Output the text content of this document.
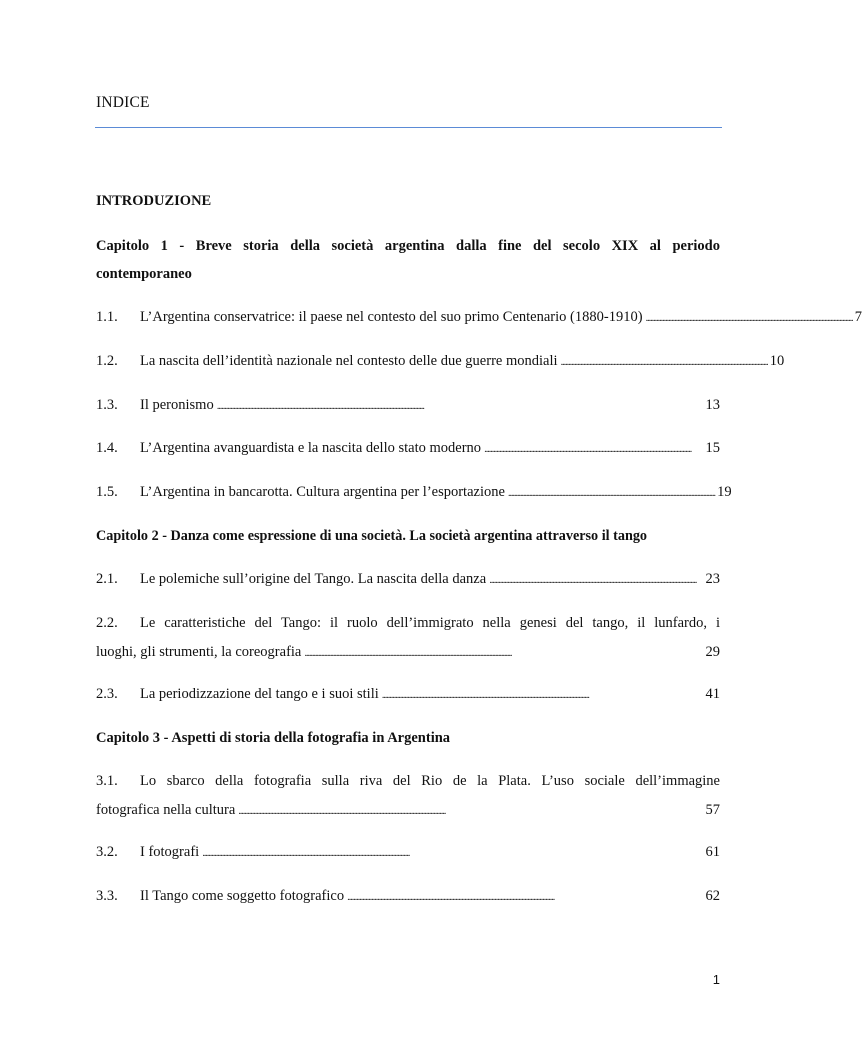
INDICE
INTRODUZIONE
Capitolo 1 - Breve storia della società argentina dalla fine del secolo XIX al periodo
contemporaneo
1.1.	L’Argentina conservatrice: il paese nel contesto del suo primo Centenario (1880-1910) . . .	7
1.2.	La nascita dell’identità nazionale nel contesto delle due guerre mondiali . . .	10
1.3.	Il peronismo . . .	13
1.4.	L’Argentina avanguardista e la nascita dello stato moderno . . .	15
1.5.	L’Argentina in bancarotta. Cultura argentina per l’esportazione . . .	19
Capitolo 2 - Danza come espressione di una società. La società argentina attraverso il tango
2.1.	Le polemiche sull’origine del Tango. La nascita della danza . . .	23
2.2.	Le caratteristiche del Tango: il ruolo dell’immigrato nella genesi del tango, il lunfardo, i
luoghi, gli strumenti, la coreografia . . .	29
2.3.	La periodizzazione del tango e i suoi stili . . .	41
Capitolo 3 - Aspetti di storia della fotografia in Argentina
3.1.	Lo sbarco della fotografia sulla riva del Rio de la Plata. L’uso sociale dell’immagine
fotografica nella cultura . . .	57
3.2.	I fotografi . . .	61
3.3.	Il Tango come soggetto fotografico . . .	62
1
